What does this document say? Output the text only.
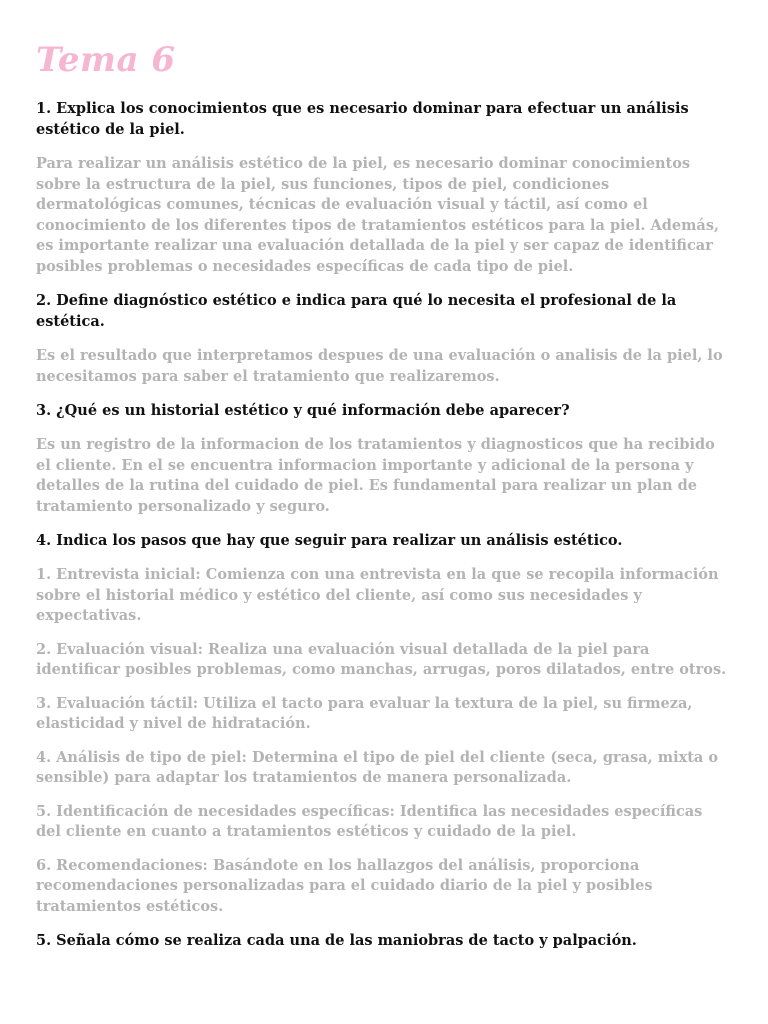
Tema 6

1. Explica los conocimientos que es necesario dominar para efectuar un análisis estético de la piel.

Para realizar un análisis estético de la piel, es necesario dominar conocimientos sobre la estructura de la piel, sus funciones, tipos de piel, condiciones dermatológicas comunes, técnicas de evaluación visual y táctil, así como el conocimiento de los diferentes tipos de tratamientos estéticos para la piel. Además, es importante realizar una evaluación detallada de la piel y ser capaz de identificar posibles problemas o necesidades específicas de cada tipo de piel.

2. Define diagnóstico estético e indica para qué lo necesita el profesional de la estética.

Es el resultado que interpretamos despues de una evaluación o analisis de la piel, lo necesitamos para saber el tratamiento que realizaremos.

3. ¿Qué es un historial estético y qué información debe aparecer?

Es un registro de la informacion de los tratamientos y diagnosticos que ha recibido el cliente. En el se encuentra informacion importante y adicional de la persona y detalles de la rutina del cuidado de piel. Es fundamental para realizar un plan de tratamiento personalizado y seguro.

4. Indica los pasos que hay que seguir para realizar un análisis estético.

1. Entrevista inicial: Comienza con una entrevista en la que se recopila información sobre el historial médico y estético del cliente, así como sus necesidades y expectativas.

2. Evaluación visual: Realiza una evaluación visual detallada de la piel para identificar posibles problemas, como manchas, arrugas, poros dilatados, entre otros.

3. Evaluación táctil: Utiliza el tacto para evaluar la textura de la piel, su firmeza, elasticidad y nivel de hidratación.

4. Análisis de tipo de piel: Determina el tipo de piel del cliente (seca, grasa, mixta o sensible) para adaptar los tratamientos de manera personalizada.

5. Identificación de necesidades específicas: Identifica las necesidades específicas del cliente en cuanto a tratamientos estéticos y cuidado de la piel.

6. Recomendaciones: Basándote en los hallazgos del análisis, proporciona recomendaciones personalizadas para el cuidado diario de la piel y posibles tratamientos estéticos.

5. Señala cómo se realiza cada una de las maniobras de tacto y palpación.
